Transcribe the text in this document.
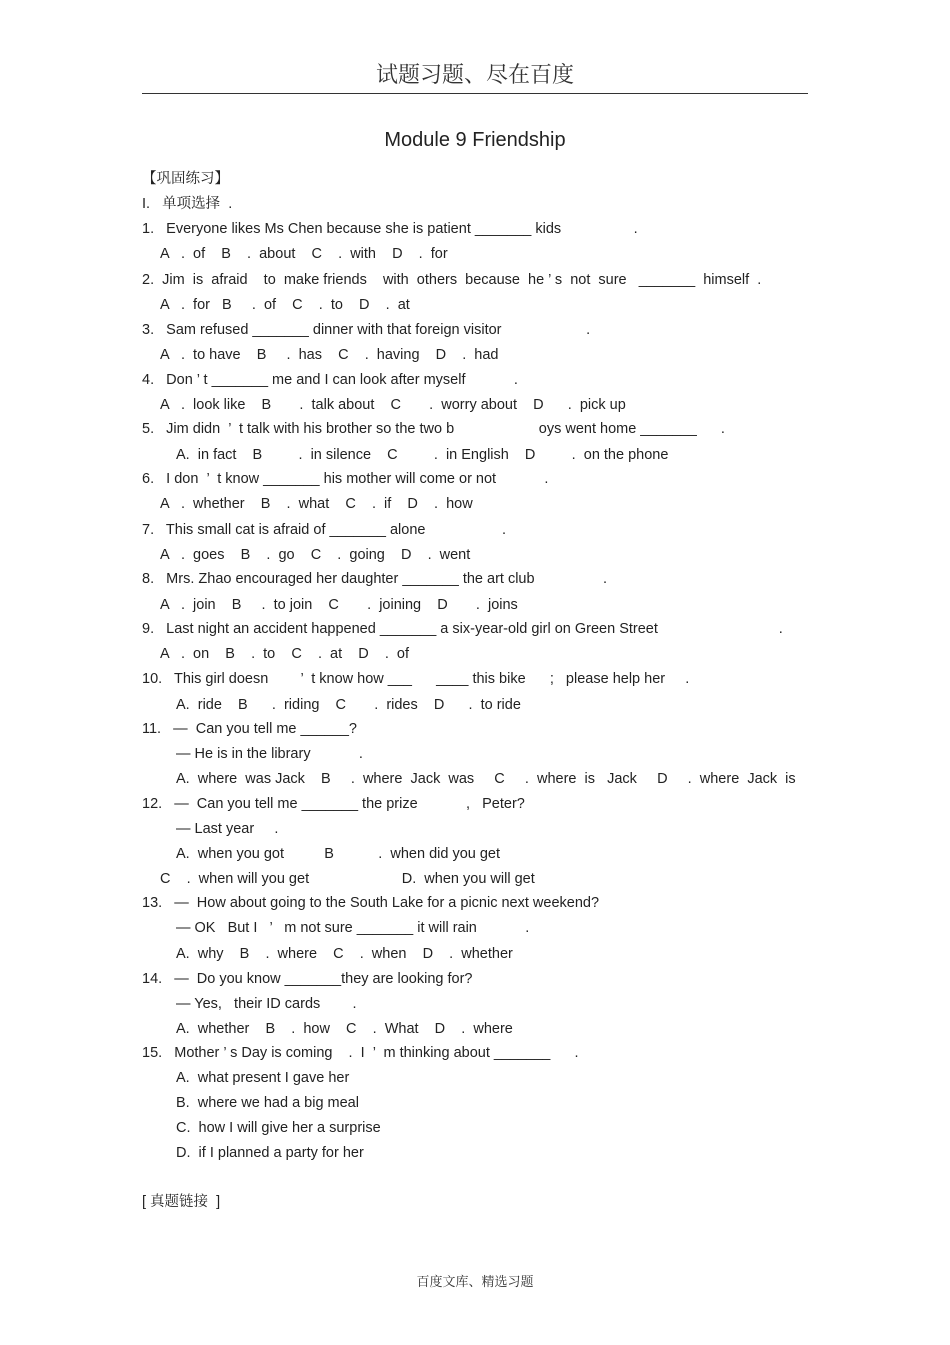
试题习题、尽在百度
Module 9 Friendship
【巩固练习】
I.   单项选择  .
1.   Everyone likes Ms Chen because she is patient _______ kids                  .
A   .  of    B    .  about    C    .  with    D    .  for
2.  Jim  is  afraid    to  make friends    with  others  because  he ’ s  not  sure   _______  himself  .
A   .  for   B     .  of    C    .  to    D    .  at
3.   Sam refused _______ dinner with that foreign visitor                     .
A   .  to have    B     .  has    C    .  having    D    .  had
4.   Don ’ t _______ me and I can look after myself            .
A   .  look like    B       .  talk about    C       .  worry about    D      .  pick up
5.   Jim didn  ’  t talk with his brother so the two b                     oys went home _______      .
A.  in fact    B         .  in silence    C         .  in English    D         .  on the phone
6.   I don  ’  t know _______ his mother will come or not            .
A   .  whether    B    .  what    C    .  if    D    .  how
7.   This small cat is afraid of _______ alone                   .
A   .  goes    B    .  go    C    .  going    D    .  went
8.   Mrs. Zhao encouraged her daughter _______ the art club                 .
A   .  join    B     .  to join    C       .  joining    D       .  joins
9.   Last night an accident happened _______ a six-year-old girl on Green Street                              .
A   .  on    B    .  to    C    .  at    D    .  of
10.   This girl doesn        ’  t know how ___      ____ this bike      ;   please help her     .
A.  ride    B      .  riding    C       .  rides    D      .  to ride
11.   —  Can you tell me ______?
— He is in the library            .
A.  where  was Jack    B     .  where  Jack  was     C     .  where  is   Jack     D     .  where  Jack  is
12.   —  Can you tell me _______ the prize            ,   Peter?
— Last year     .
A.  when you got          B           .  when did you get
C    .  when will you get                       D.  when you will get
13.   —  How about going to the South Lake for a picnic next weekend?
— OK   But I   ’   m not sure _______ it will rain            .
A.  why    B    .  where    C    .  when    D    .  whether
14.   —  Do you know _______they are looking for?
— Yes,   their ID cards        .
A.  whether    B    .  how    C    .  What    D    .  where
15.   Mother ’ s Day is coming    .  I  ’  m thinking about _______      .
A.  what present I gave her
B.  where we had a big meal
C.  how I will give her a surprise
D.  if I planned a party for her
[ 真题链接  ]
百度文库、精选习题
